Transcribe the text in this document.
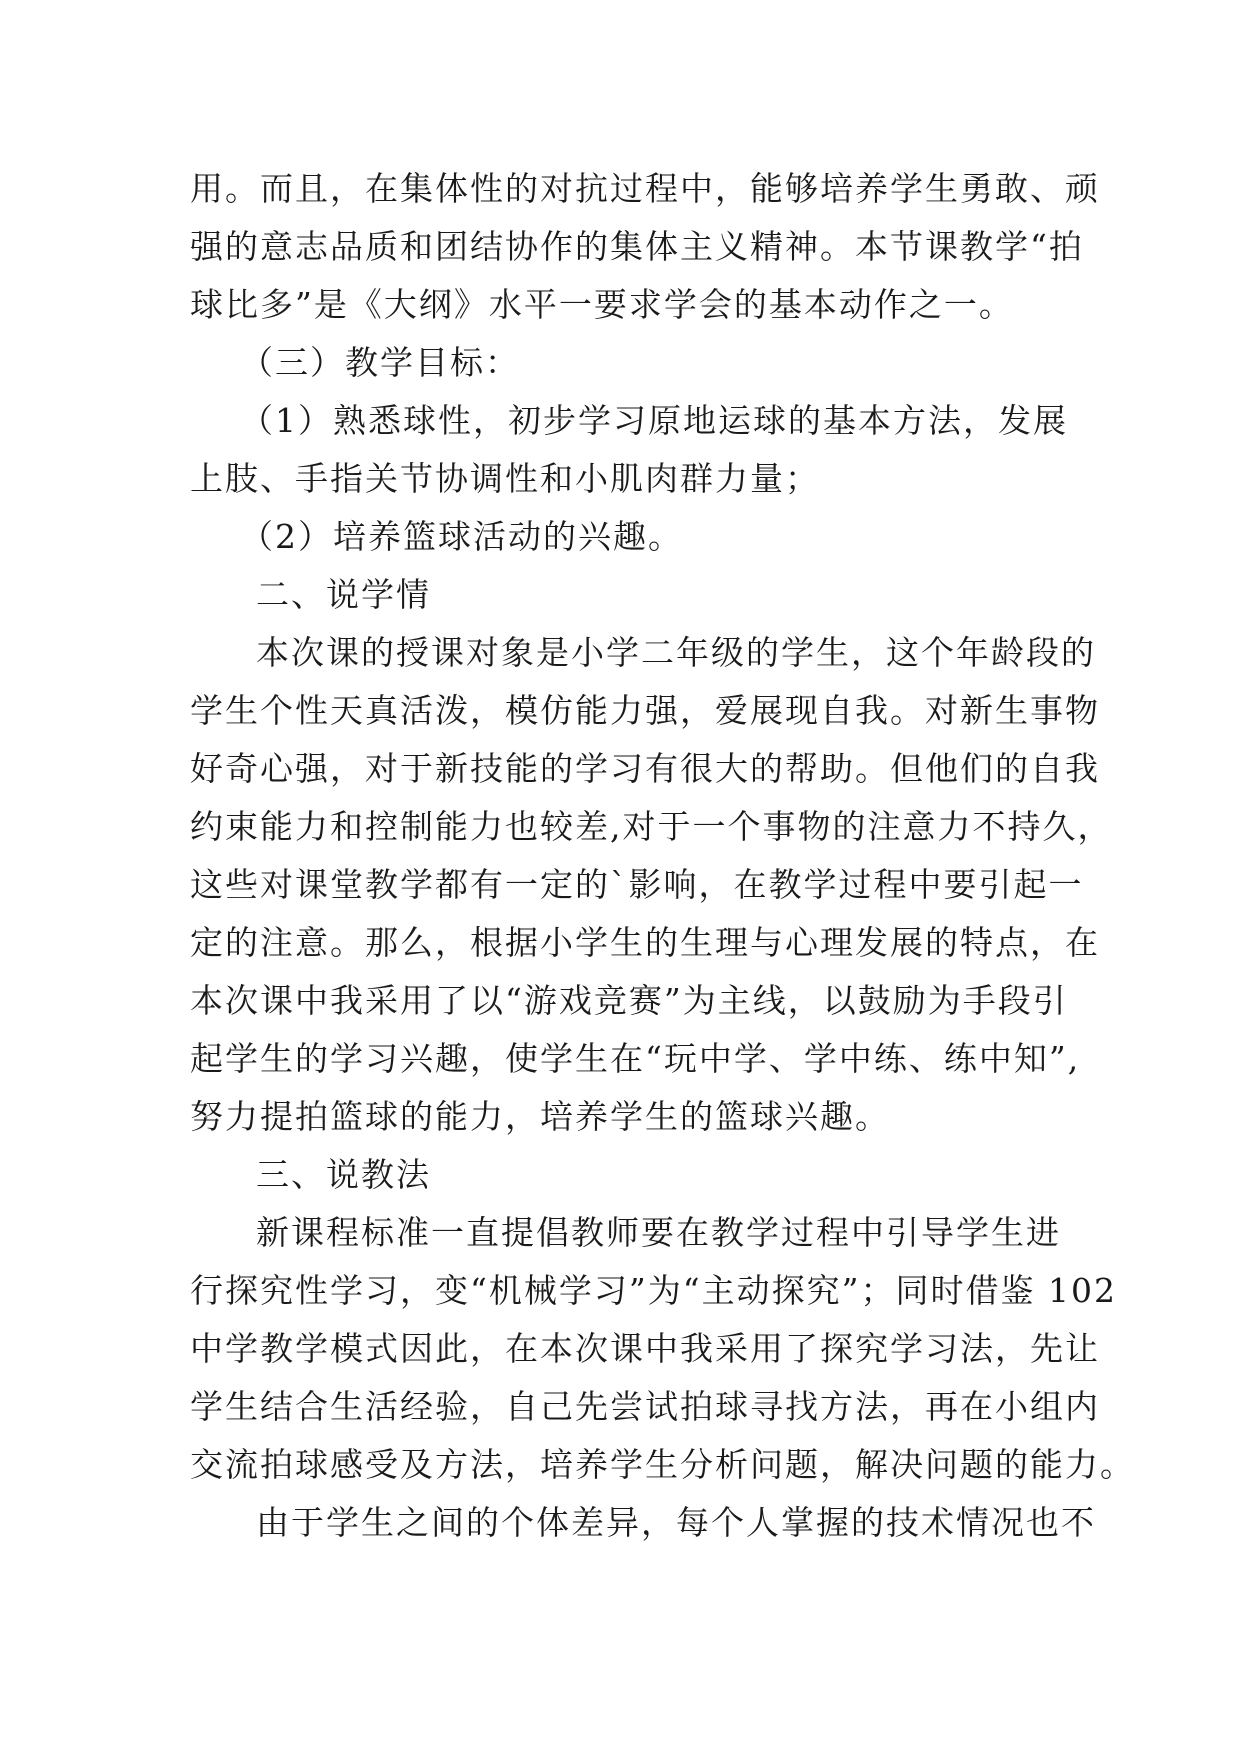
用。而且，在集体性的对抗过程中，能够培养学生勇敢、顽
强的意志品质和团结协作的集体主义精神。本节课教学“拍
球比多”是《大纲》水平一要求学会的基本动作之一。
（三）教学目标：
（1）熟悉球性，初步学习原地运球的基本方法，发展
上肢、手指关节协调性和小肌肉群力量；
（2）培养篮球活动的兴趣。
二、说学情
本次课的授课对象是小学二年级的学生，这个年龄段的
学生个性天真活泼，模仿能力强，爱展现自我。对新生事物
好奇心强，对于新技能的学习有很大的帮助。但他们的自我
约束能力和控制能力也较差,对于一个事物的注意力不持久，
这些对课堂教学都有一定的`影响，在教学过程中要引起一
定的注意。那么，根据小学生的生理与心理发展的特点，在
本次课中我采用了以“游戏竞赛”为主线，以鼓励为手段引
起学生的学习兴趣，使学生在“玩中学、学中练、练中知”,
努力提拍篮球的能力，培养学生的篮球兴趣。
三、说教法
新课程标准一直提倡教师要在教学过程中引导学生进
行探究性学习，变“机械学习”为“主动探究”；同时借鉴 102
中学教学模式因此，在本次课中我采用了探究学习法，先让
学生结合生活经验，自己先尝试拍球寻找方法，再在小组内
交流拍球感受及方法，培养学生分析问题，解决问题的能力。
由于学生之间的个体差异，每个人掌握的技术情况也不
